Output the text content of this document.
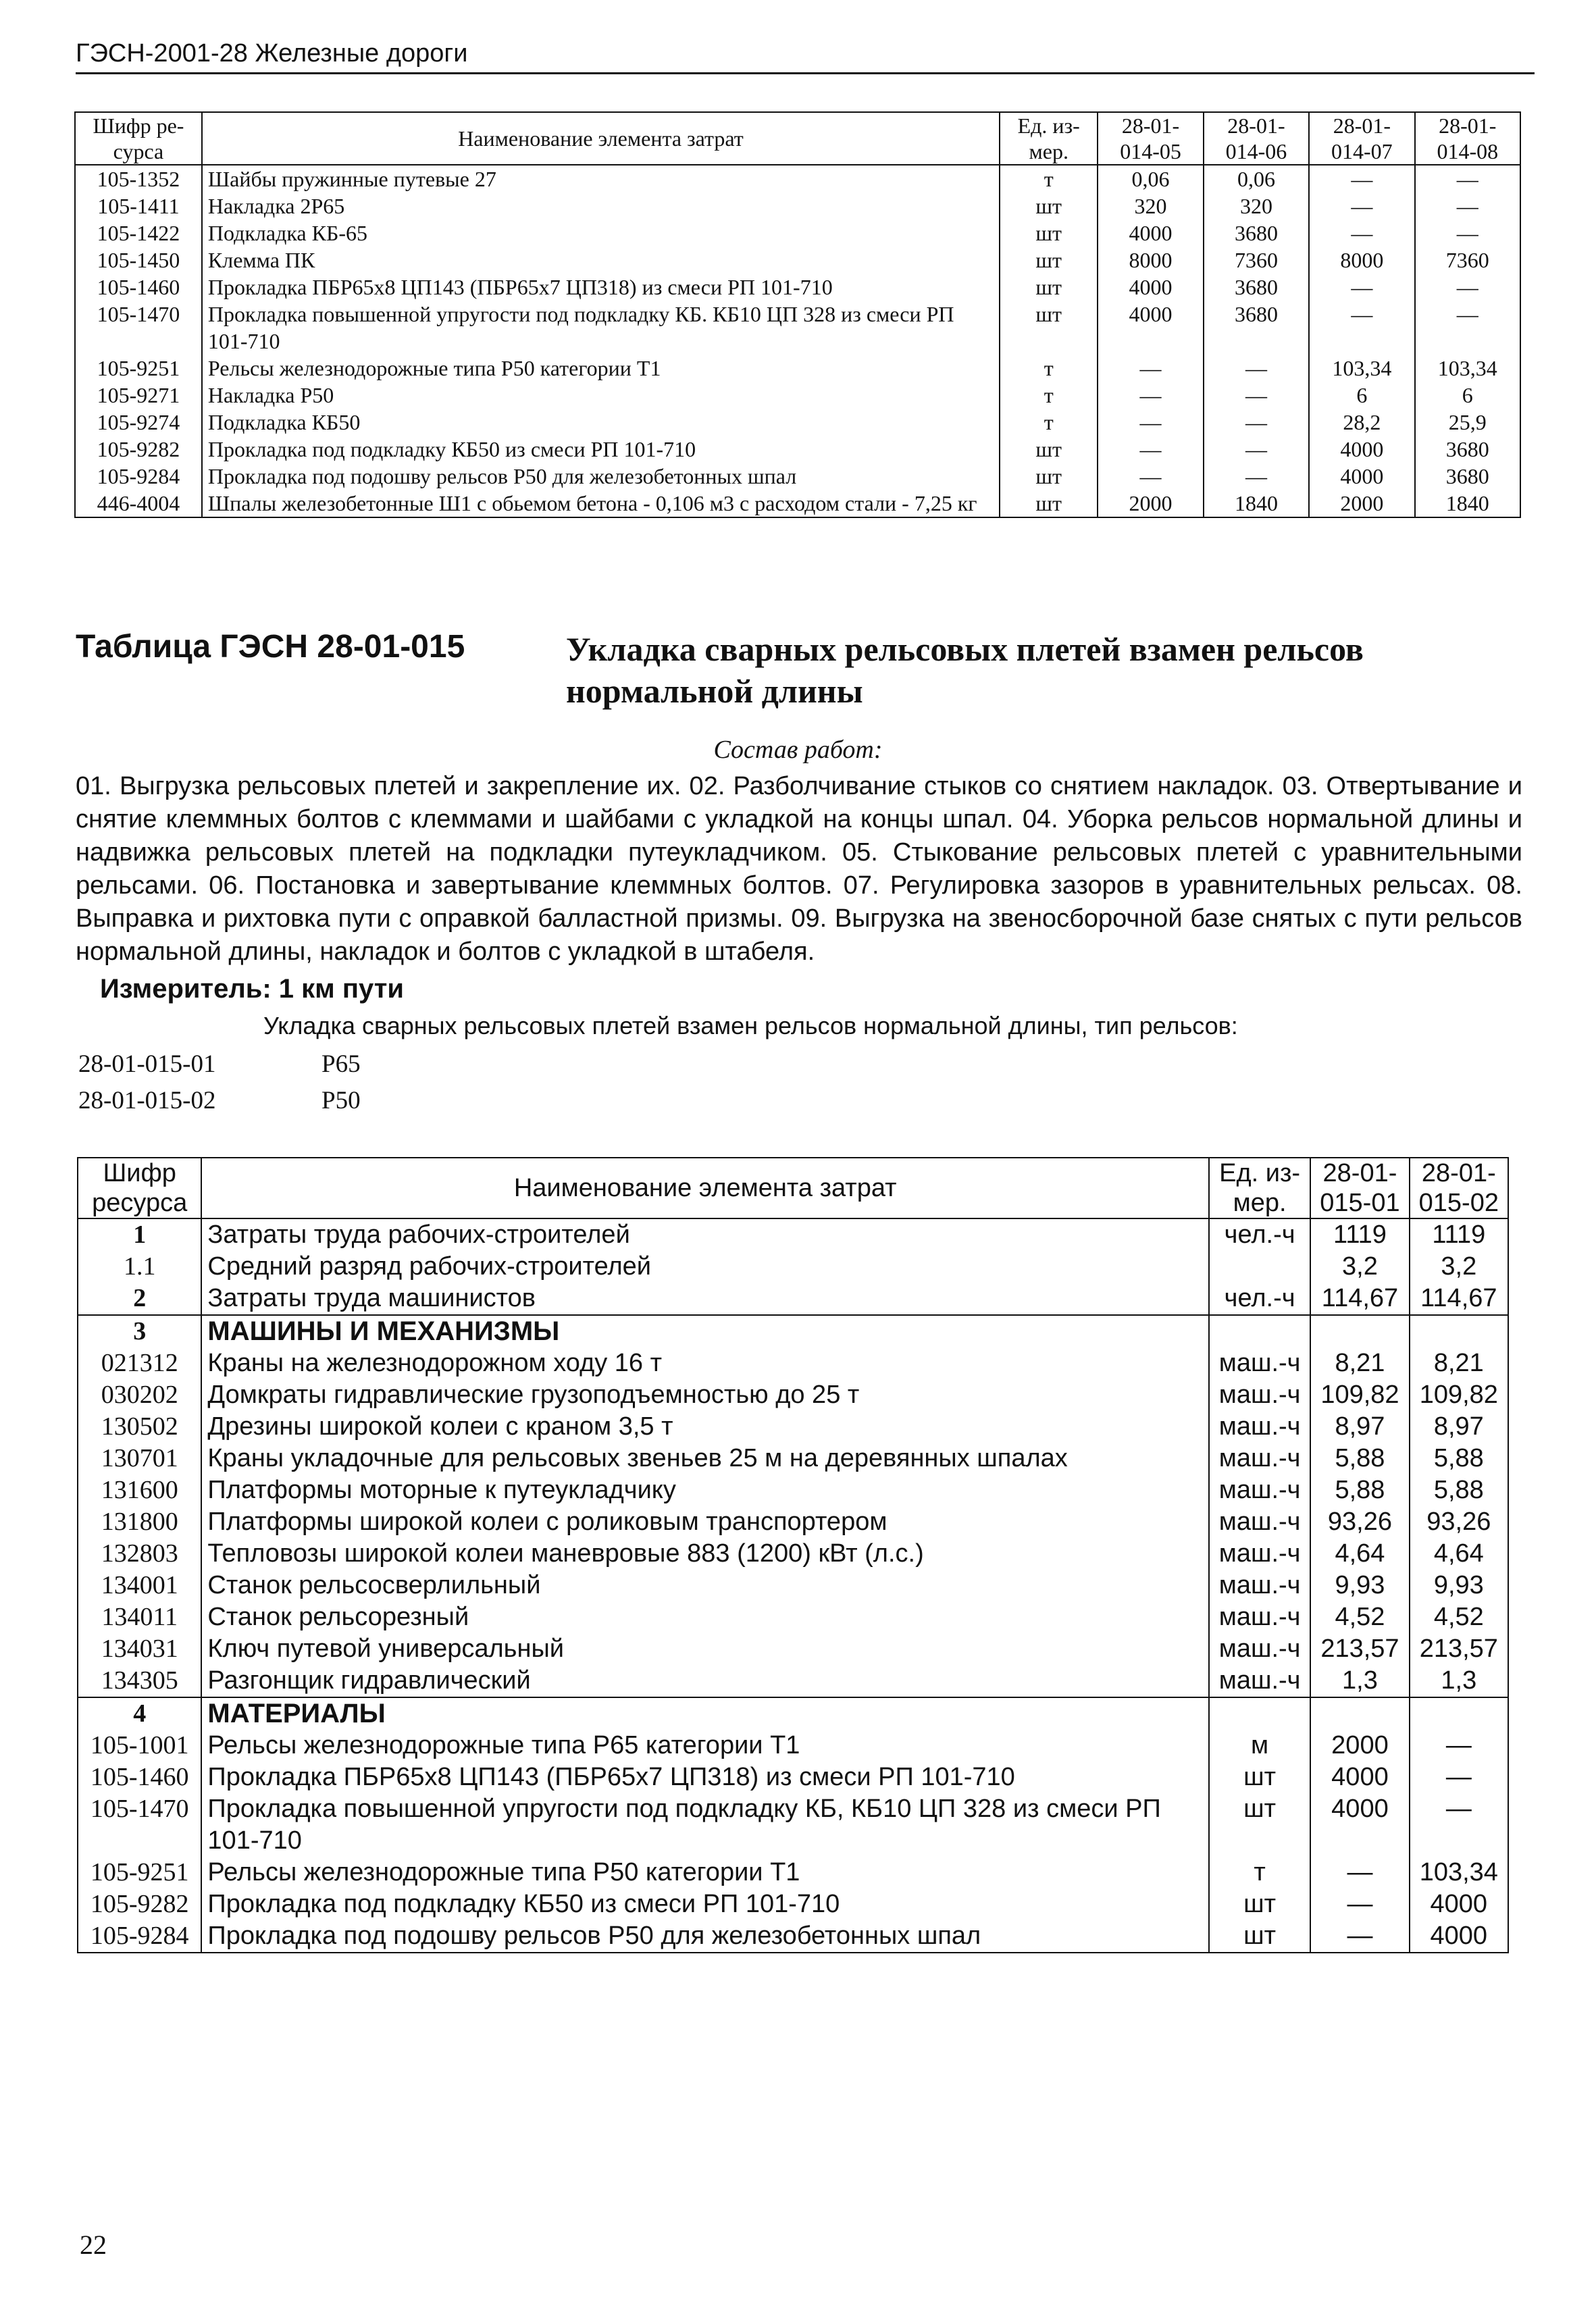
ГЭСН-2001-28 Железные дороги
Шифр ре-сурса	Наименование элемента затрат	Ед. из-мер.	28-01-014-05	28-01-014-06	28-01-014-07	28-01-014-08
105-1352	Шайбы пружинные путевые 27	т	0,06	0,06	—	—
105-1411	Накладка 2Р65	шт	320	320	—	—
105-1422	Подкладка КБ-65	шт	4000	3680	—	—
105-1450	Клемма ПК	шт	8000	7360	8000	7360
105-1460	Прокладка ПБР65х8 ЦП143 (ПБР65х7 ЦП318) из смеси РП 101-710	шт	4000	3680	—	—
105-1470	Прокладка повышенной упругости под подкладку КБ. КБ10 ЦП 328 из смеси РП 101-710	шт	4000	3680	—	—
105-9251	Рельсы железнодорожные типа Р50 категории Т1	т	—	—	103,34	103,34
105-9271	Накладка Р50	т	—	—	6	6
105-9274	Подкладка КБ50	т	—	—	28,2	25,9
105-9282	Прокладка под подкладку КБ50 из смеси РП 101-710	шт	—	—	4000	3680
105-9284	Прокладка под подошву рельсов Р50 для железобетонных шпал	шт	—	—	4000	3680
446-4004	Шпалы железобетонные Ш1 с обьемом бетона - 0,106 м3 с расходом стали - 7,25 кг	шт	2000	1840	2000	1840
Таблица ГЭСН 28-01-015	Укладка сварных рельсовых плетей взамен рельсов нормальной длины
Состав работ:
01. Выгрузка рельсовых плетей и закрепление их. 02. Разболчивание стыков со снятием накладок. 03. Отвертывание и снятие клеммных болтов с клеммами и шайбами с укладкой на концы шпал. 04. Уборка рельсов нормальной длины и надвижка рельсовых плетей на подкладки путеукладчиком. 05. Стыкование рельсовых плетей с уравнительными рельсами. 06. Постановка и завертывание клеммных болтов. 07. Регулировка зазоров в уравнительных рельсах. 08. Выправка и рихтовка пути с оправкой балластной призмы. 09. Выгрузка на звеносборочной базе снятых с пути рельсов нормальной длины, накладок и болтов с укладкой в штабеля.
Измеритель: 1 км пути
Укладка сварных рельсовых плетей взамен рельсов нормальной длины, тип рельсов:
28-01-015-01	Р65
28-01-015-02	Р50
Шифр ресурса	Наименование элемента затрат	Ед. из-мер.	28-01-015-01	28-01-015-02
1	Затраты труда рабочих-строителей	чел.-ч	1119	1119
1.1	Средний разряд рабочих-строителей		3,2	3,2
2	Затраты труда машинистов	чел.-ч	114,67	114,67
3	МАШИНЫ И МЕХАНИЗМЫ			
021312	Краны на железнодорожном ходу 16 т	маш.-ч	8,21	8,21
030202	Домкраты гидравлические грузоподъемностью до 25 т	маш.-ч	109,82	109,82
130502	Дрезины широкой колеи с краном 3,5 т	маш.-ч	8,97	8,97
130701	Краны укладочные для рельсовых звеньев 25 м на деревянных шпалах	маш.-ч	5,88	5,88
131600	Платформы моторные к путеукладчику	маш.-ч	5,88	5,88
131800	Платформы широкой колеи с роликовым транспортером	маш.-ч	93,26	93,26
132803	Тепловозы широкой колеи маневровые 883 (1200) кВт (л.с.)	маш.-ч	4,64	4,64
134001	Станок рельсосверлильный	маш.-ч	9,93	9,93
134011	Станок рельсорезный	маш.-ч	4,52	4,52
134031	Ключ путевой универсальный	маш.-ч	213,57	213,57
134305	Разгонщик гидравлический	маш.-ч	1,3	1,3
4	МАТЕРИАЛЫ			
105-1001	Рельсы железнодорожные типа Р65 категории Т1	м	2000	—
105-1460	Прокладка ПБР65х8 ЦП143 (ПБР65х7 ЦП318) из смеси РП 101-710	шт	4000	—
105-1470	Прокладка повышенной упругости под подкладку КБ, КБ10 ЦП 328 из смеси РП 101-710	шт	4000	—
105-9251	Рельсы железнодорожные типа Р50 категории Т1	т	—	103,34
105-9282	Прокладка под подкладку КБ50 из смеси РП 101-710	шт	—	4000
105-9284	Прокладка под подошву рельсов Р50 для железобетонных шпал	шт	—	4000
22
